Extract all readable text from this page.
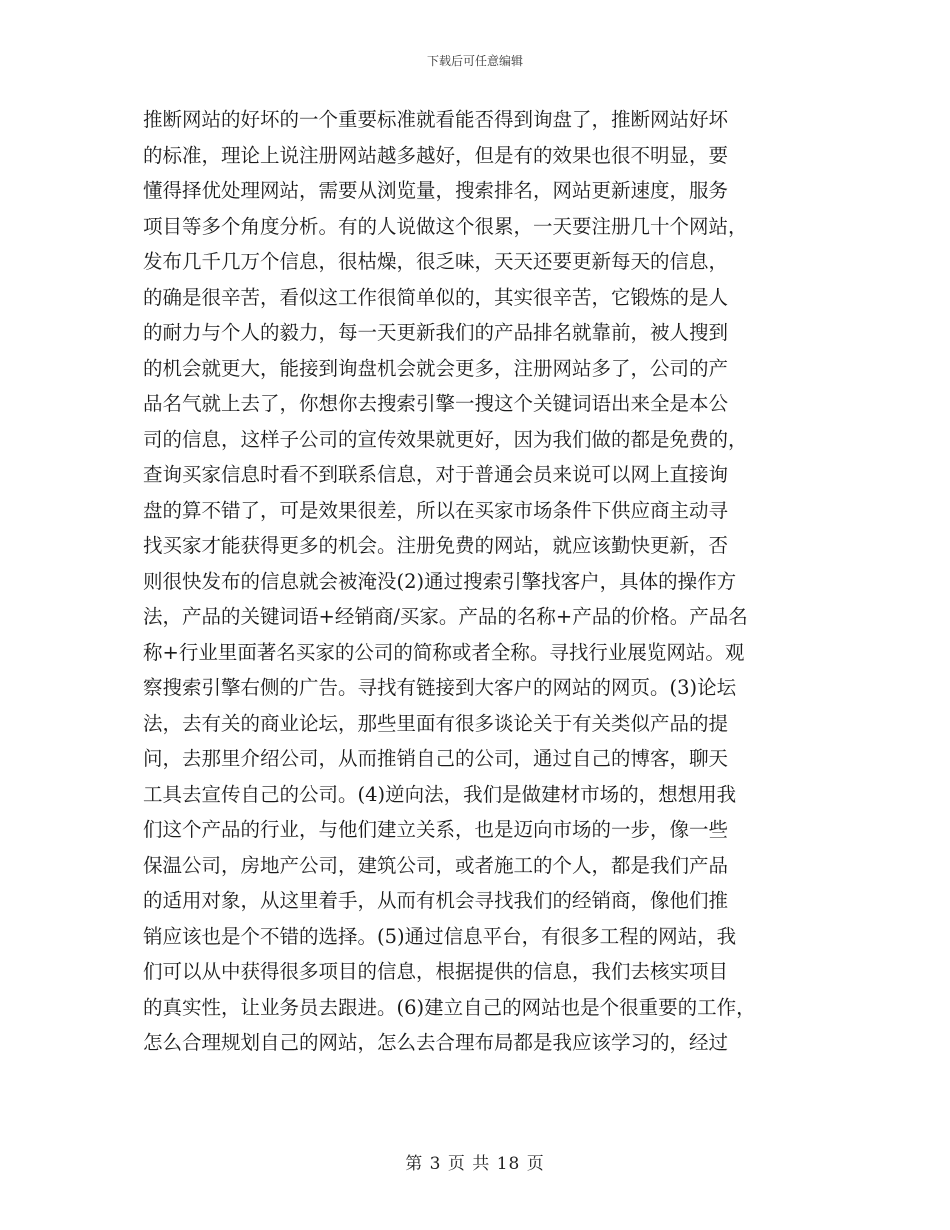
下载后可任意编辑
推断网站的好坏的一个重要标准就看能否得到询盘了，推断网站好坏
的标准，理论上说注册网站越多越好，但是有的效果也很不明显，要
懂得择优处理网站，需要从浏览量，搜索排名，网站更新速度，服务
项目等多个角度分析。有的人说做这个很累，一天要注册几十个网站，
发布几千几万个信息，很枯燥，很乏味，天天还要更新每天的信息，
的确是很辛苦，看似这工作很简单似的，其实很辛苦，它锻炼的是人
的耐力与个人的毅力，每一天更新我们的产品排名就靠前，被人搜到
的机会就更大，能接到询盘机会就会更多，注册网站多了，公司的产
品名气就上去了，你想你去搜索引擎一搜这个关键词语出来全是本公
司的信息，这样子公司的宣传效果就更好，因为我们做的都是免费的，
查询买家信息时看不到联系信息，对于普通会员来说可以网上直接询
盘的算不错了，可是效果很差，所以在买家市场条件下供应商主动寻
找买家才能获得更多的机会。注册免费的网站，就应该勤快更新，否
则很快发布的信息就会被淹没(2)通过搜索引擎找客户，具体的操作方
法，产品的关键词语+经销商/买家。产品的名称+产品的价格。产品名
称+行业里面著名买家的公司的简称或者全称。寻找行业展览网站。观
察搜索引擎右侧的广告。寻找有链接到大客户的网站的网页。(3)论坛
法，去有关的商业论坛，那些里面有很多谈论关于有关类似产品的提
问，去那里介绍公司，从而推销自己的公司，通过自己的博客，聊天
工具去宣传自己的公司。(4)逆向法，我们是做建材市场的，想想用我
们这个产品的行业，与他们建立关系，也是迈向市场的一步，像一些
保温公司，房地产公司，建筑公司，或者施工的个人，都是我们产品
的适用对象，从这里着手，从而有机会寻找我们的经销商，像他们推
销应该也是个不错的选择。(5)通过信息平台，有很多工程的网站，我
们可以从中获得很多项目的信息，根据提供的信息，我们去核实项目
的真实性，让业务员去跟进。(6)建立自己的网站也是个很重要的工作，
怎么合理规划自己的网站，怎么去合理布局都是我应该学习的，经过
第 3 页 共 18 页
